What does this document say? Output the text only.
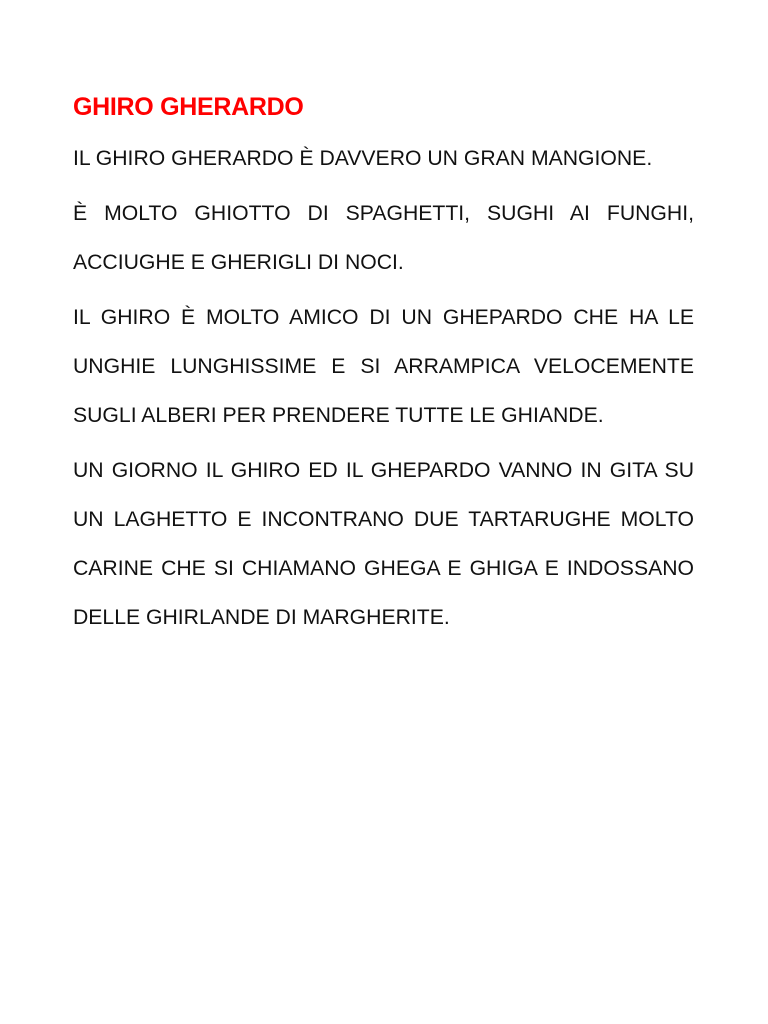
GHIRO GHERARDO

IL GHIRO GHERARDO È DAVVERO UN GRAN MANGIONE.

È MOLTO GHIOTTO DI SPAGHETTI, SUGHI AI FUNGHI, ACCIUGHE E GHERIGLI DI NOCI.

IL GHIRO È MOLTO AMICO DI UN GHEPARDO CHE HA LE UNGHIE LUNGHISSIME E SI ARRAMPICA VELOCEMENTE SUGLI ALBERI PER PRENDERE TUTTE LE GHIANDE.

UN GIORNO IL GHIRO ED IL GHEPARDO VANNO IN GITA SU UN LAGHETTO E INCONTRANO DUE TARTARUGHE MOLTO CARINE CHE SI CHIAMANO GHEGA E GHIGA E INDOSSANO DELLE GHIRLANDE DI MARGHERITE.
